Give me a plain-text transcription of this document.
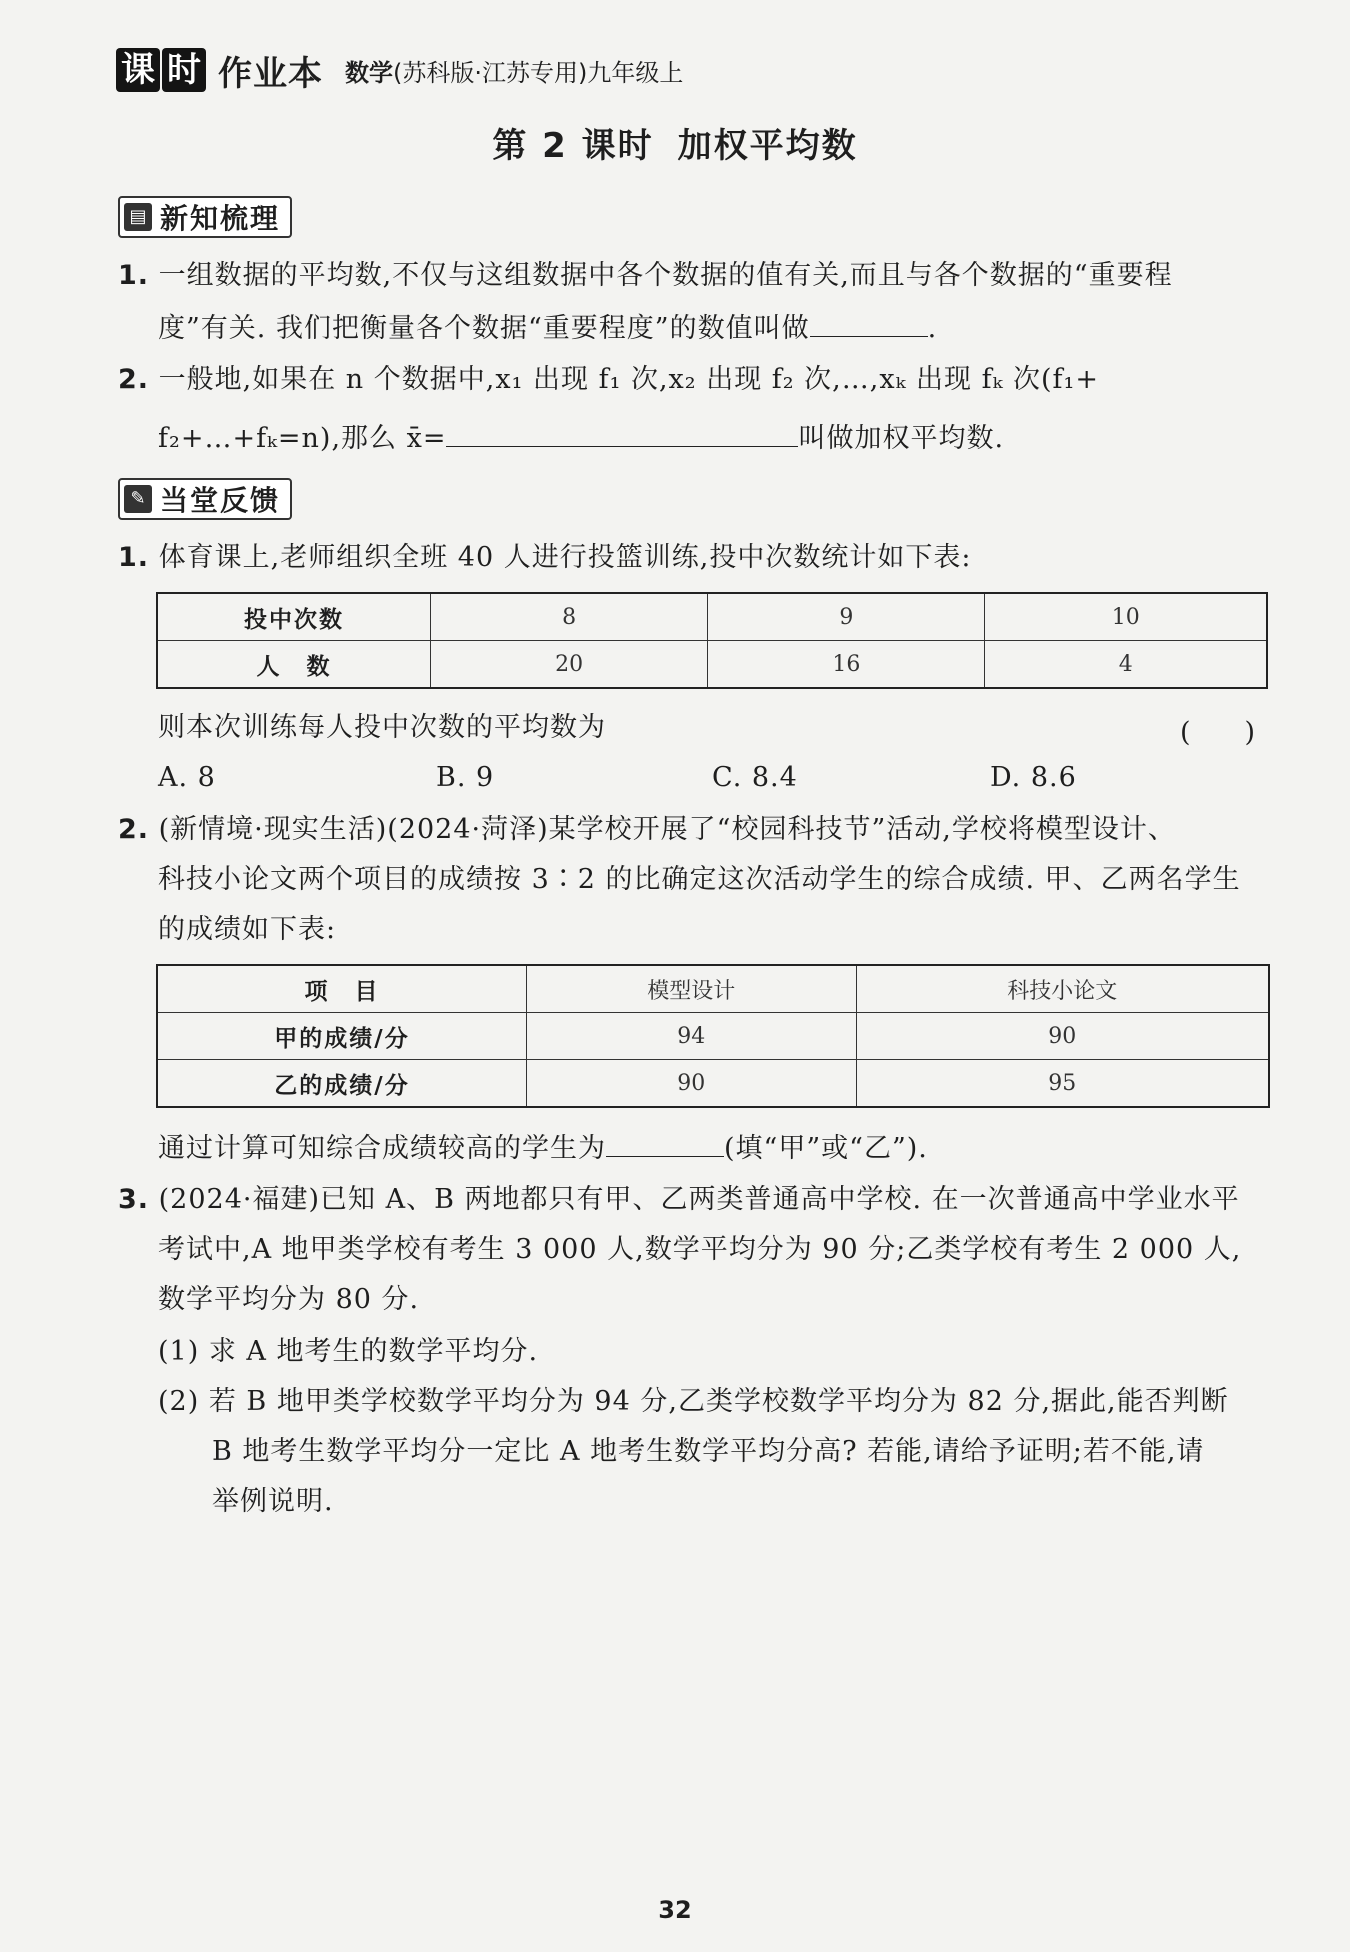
课 时 作业本 数学(苏科版·江苏专用)九年级上
第 2 课时 加权平均数
▤ 新知梳理
1. 一组数据的平均数,不仅与这组数据中各个数据的值有关,而且与各个数据的“重要程
度”有关. 我们把衡量各个数据“重要程度”的数值叫做	.
2. 一般地,如果在 n 个数据中,x₁ 出现 f₁ 次,x₂ 出现 f₂ 次,…,xₖ 出现 fₖ 次(f₁+
f₂+…+fₖ=n),那么 x̄=	叫做加权平均数.
✎ 当堂反馈
1. 体育课上,老师组织全班 40 人进行投篮训练,投中次数统计如下表:
投中次数	8	9	10
人　数	20	16	4
则本次训练每人投中次数的平均数为	(　　)
A. 8	B. 9	C. 8.4	D. 8.6
2. (新情境·现实生活)(2024·菏泽)某学校开展了“校园科技节”活动,学校将模型设计、
科技小论文两个项目的成绩按 3∶2 的比确定这次活动学生的综合成绩. 甲、乙两名学生
的成绩如下表:
项　目	模型设计	科技小论文
甲的成绩/分	94	90
乙的成绩/分	90	95
通过计算可知综合成绩较高的学生为	(填“甲”或“乙”).
3. (2024·福建)已知 A、B 两地都只有甲、乙两类普通高中学校. 在一次普通高中学业水平
考试中,A 地甲类学校有考生 3 000 人,数学平均分为 90 分;乙类学校有考生 2 000 人,
数学平均分为 80 分.
(1) 求 A 地考生的数学平均分.
(2) 若 B 地甲类学校数学平均分为 94 分,乙类学校数学平均分为 82 分,据此,能否判断
B 地考生数学平均分一定比 A 地考生数学平均分高? 若能,请给予证明;若不能,请
举例说明.
32
